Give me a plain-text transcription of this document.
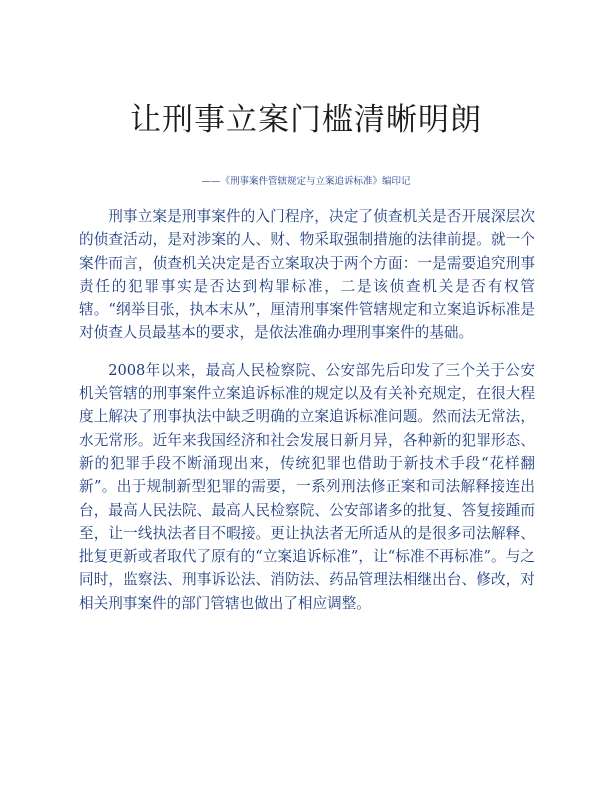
让刑事立案门槛清晰明朗

——《刑事案件管辖规定与立案追诉标准》编印记

刑事立案是刑事案件的入门程序，决定了侦查机关是否开展深层次的侦查活动，是对涉案的人、财、物采取强制措施的法律前提。就一个案件而言，侦查机关决定是否立案取决于两个方面：一是需要追究刑事责任的犯罪事实是否达到构罪标准，二是该侦查机关是否有权管辖。“纲举目张，执本末从”，厘清刑事案件管辖规定和立案追诉标准是对侦查人员最基本的要求，是依法准确办理刑事案件的基础。

2008年以来，最高人民检察院、公安部先后印发了三个关于公安机关管辖的刑事案件立案追诉标准的规定以及有关补充规定，在很大程度上解决了刑事执法中缺乏明确的立案追诉标准问题。然而法无常法，水无常形。近年来我国经济和社会发展日新月异，各种新的犯罪形态、新的犯罪手段不断涌现出来，传统犯罪也借助于新技术手段“花样翻新”。出于规制新型犯罪的需要，一系列刑法修正案和司法解释接连出台，最高人民法院、最高人民检察院、公安部诸多的批复、答复接踵而至，让一线执法者目不暇接。更让执法者无所适从的是很多司法解释、批复更新或者取代了原有的“立案追诉标准”，让“标准不再标准”。与之同时，监察法、刑事诉讼法、消防法、药品管理法相继出台、修改，对相关刑事案件的部门管辖也做出了相应调整。
